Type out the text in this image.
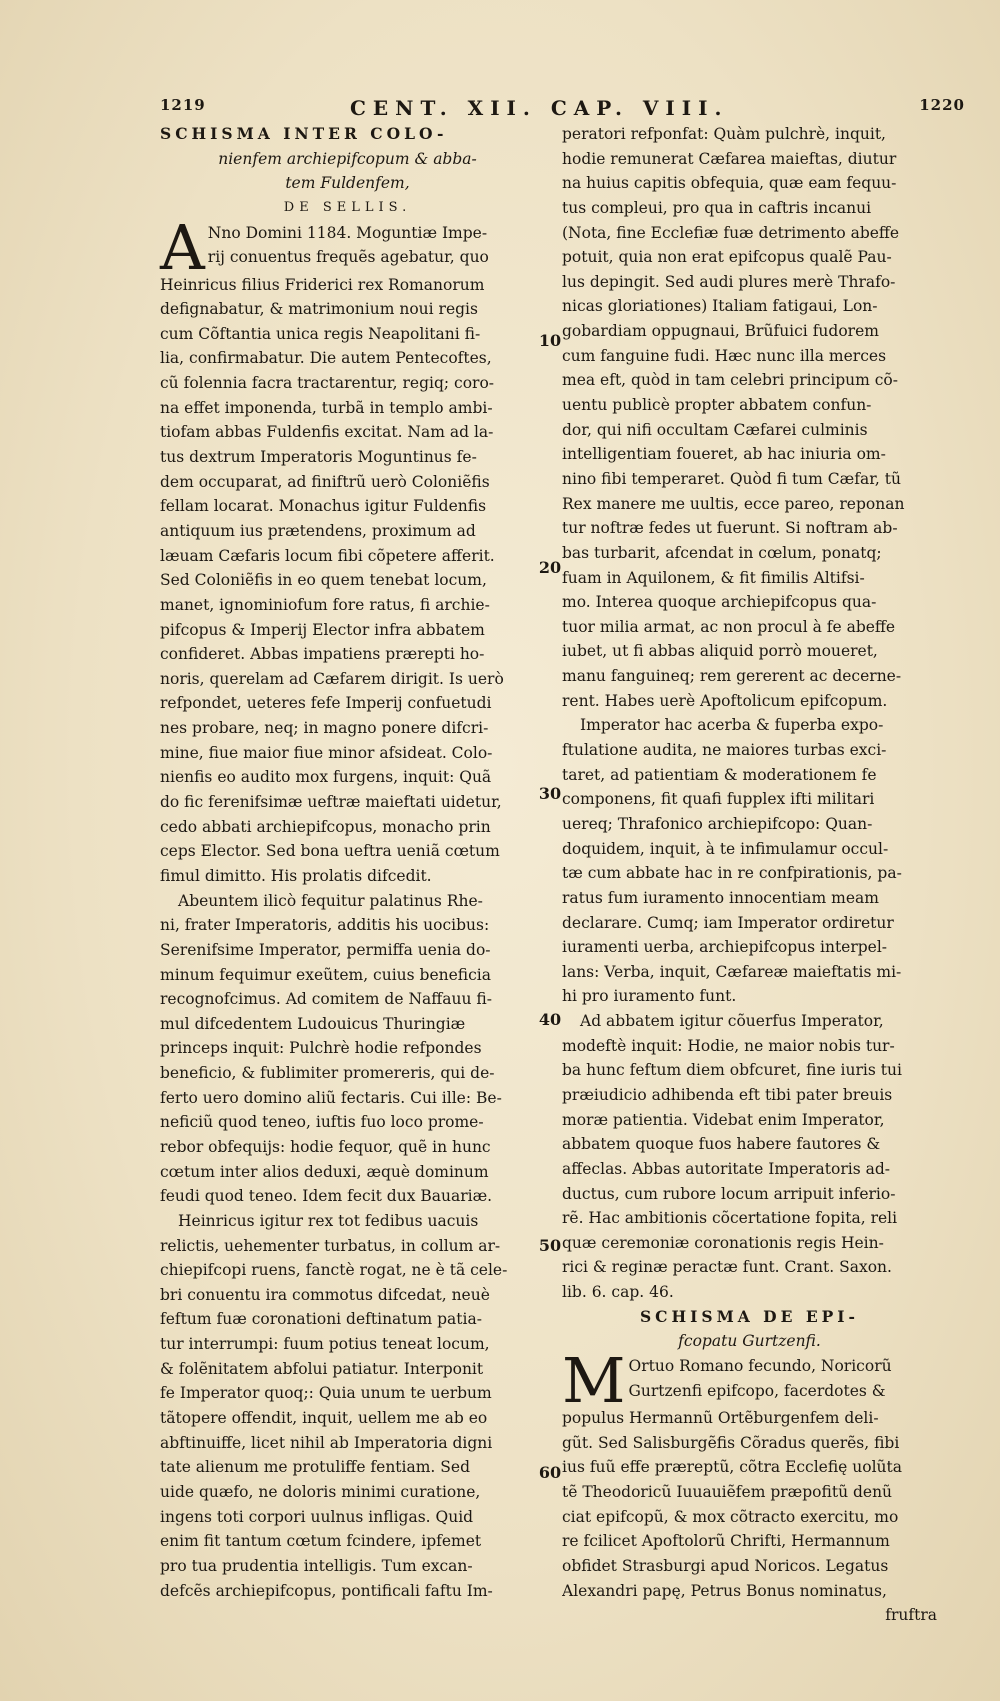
1219	CENT. XII. CAP. VIII.	1220
SCHISMA INTER COLO-
nienfem archiepifcopum & abba-
tem Fuldenfem,
DE SELLIS.
A Nno Domini 1184. Moguntiæ Impe-
rij conuentus frequẽs agebatur, quo
Heinricus filius Friderici rex Romanorum
defignabatur, & matrimonium noui regis
cum Cõftantia unica regis Neapolitani fi-
lia, confirmabatur. Die autem Pentecoftes,
cũ folennia facra tractarentur, regiq; coro-
na effet imponenda, turbã in templo ambi-
tiofam abbas Fuldenfis excitat. Nam ad la-
tus dextrum Imperatoris Moguntinus fe-
dem occuparat, ad finiftrũ uerò Coloniẽfis
fellam locarat. Monachus igitur Fuldenfis
antiquum ius prætendens, proximum ad
læuam Cæfaris locum fibi cõpetere afferit.
Sed Coloniẽfis in eo quem tenebat locum,
manet, ignominiofum fore ratus, fi archie-
pifcopus & Imperij Elector infra abbatem
confideret. Abbas impatiens prærepti ho-
noris, querelam ad Cæfarem dirigit. Is uerò
refpondet, ueteres fefe Imperij confuetudi
nes probare, neq; in magno ponere difcri-
mine, fiue maior fiue minor afsideat. Colo-
nienfis eo audito mox furgens, inquit: Quã
do fic ferenifsimæ ueftræ maieftati uidetur,
cedo abbati archiepifcopus, monacho prin
ceps Elector. Sed bona ueftra ueniã cœtum
fimul dimitto. His prolatis difcedit.
Abeuntem ilicò fequitur palatinus Rhe-
ni, frater Imperatoris, additis his uocibus:
Serenifsime Imperator, permiffa uenia do-
minum fequimur exeũtem, cuius beneficia
recognofcimus. Ad comitem de Naffauu fi-
mul difcedentem Ludouicus Thuringiæ
princeps inquit: Pulchrè hodie refpondes
beneficio, & fublimiter promereris, qui de-
ferto uero domino aliũ fectaris. Cui ille: Be-
neficiũ quod teneo, iuftis fuo loco prome-
rebor obfequijs: hodie fequor, quẽ in hunc
cœtum inter alios deduxi, æquè dominum
feudi quod teneo. Idem fecit dux Bauariæ.
Heinricus igitur rex tot fedibus uacuis
relictis, uehementer turbatus, in collum ar-
chiepifcopi ruens, fanctè rogat, ne è tã cele-
bri conuentu ira commotus difcedat, neuè
feftum fuæ coronationi deftinatum patia-
tur interrumpi: fuum potius teneat locum,
& folẽnitatem abfolui patiatur. Interponit
fe Imperator quoq;: Quia unum te uerbum
tãtopere offendit, inquit, uellem me ab eo
abftinuiffe, licet nihil ab Imperatoria digni
tate alienum me protuliffe fentiam. Sed
uide quæfo, ne doloris minimi curatione,
ingens toti corpori uulnus infligas. Quid
enim fit tantum cœtum fcindere, ipfemet
pro tua prudentia intelligis. Tum excan-
defcẽs archiepifcopus, pontificali faftu Im-
10
20
30
40
50
60
peratori refponfat: Quàm pulchrè, inquit,
hodie remunerat Cæfarea maieftas, diutur
na huius capitis obfequia, quæ eam fequu-
tus compleui, pro qua in caftris incanui
(Nota, fine Ecclefiæ fuæ detrimento abeffe
potuit, quia non erat epifcopus qualẽ Pau-
lus depingit. Sed audi plures merè Thrafo-
nicas gloriationes) Italiam fatigaui, Lon-
gobardiam oppugnaui, Brũfuici fudorem
cum fanguine fudi. Hæc nunc illa merces
mea eft, quòd in tam celebri principum cõ-
uentu publicè propter abbatem confun-
dor, qui nifi occultam Cæfarei culminis
intelligentiam foueret, ab hac iniuria om-
nino fibi temperaret. Quòd fi tum Cæfar, tũ
Rex manere me uultis, ecce pareo, reponan
tur noftræ fedes ut fuerunt. Si noftram ab-
bas turbarit, afcendat in cœlum, ponatq;
fuam in Aquilonem, & fit fimilis Altifsi-
mo. Interea quoque archiepifcopus qua-
tuor milia armat, ac non procul à fe abeffe
iubet, ut fi abbas aliquid porrò moueret,
manu fanguineq; rem gererent ac decerne-
rent. Habes uerè Apoftolicum epifcopum.
Imperator hac acerba & fuperba expo-
ftulatione audita, ne maiores turbas exci-
taret, ad patientiam & moderationem fe
componens, fit quafi fupplex ifti militari
uereq; Thrafonico archiepifcopo: Quan-
doquidem, inquit, à te infimulamur occul-
tæ cum abbate hac in re confpirationis, pa-
ratus fum iuramento innocentiam meam
declarare. Cumq; iam Imperator ordiretur
iuramenti uerba, archiepifcopus interpel-
lans: Verba, inquit, Cæfareæ maieftatis mi-
hi pro iuramento funt.
Ad abbatem igitur cõuerfus Imperator,
modeftè inquit: Hodie, ne maior nobis tur-
ba hunc feftum diem obfcuret, fine iuris tui
præiudicio adhibenda eft tibi pater breuis
moræ patientia. Videbat enim Imperator,
abbatem quoque fuos habere fautores &
affeclas. Abbas autoritate Imperatoris ad-
ductus, cum rubore locum arripuit inferio-
rẽ. Hac ambitionis cõcertatione fopita, reli
quæ ceremoniæ coronationis regis Hein-
rici & reginæ peractæ funt. Crant. Saxon.
lib. 6. cap. 46.
SCHISMA DE EPI-
fcopatu Gurtzenfi.
M Ortuo Romano fecundo, Noricorũ
Gurtzenfi epifcopo, facerdotes &
populus Hermannũ Ortẽburgenfem deli-
gũt. Sed Salisburgẽfis Cõradus querẽs, fibi
ius fuũ effe præreptũ, cõtra Ecclefię uolũta
tẽ Theodoricũ Iuuauiẽfem præpofitũ denũ
ciat epifcopũ, & mox cõtracto exercitu, mo
re fcilicet Apoftolorũ Chrifti, Hermannum
obfidet Strasburgi apud Noricos. Legatus
Alexandri papę, Petrus Bonus nominatus,
fruftra
